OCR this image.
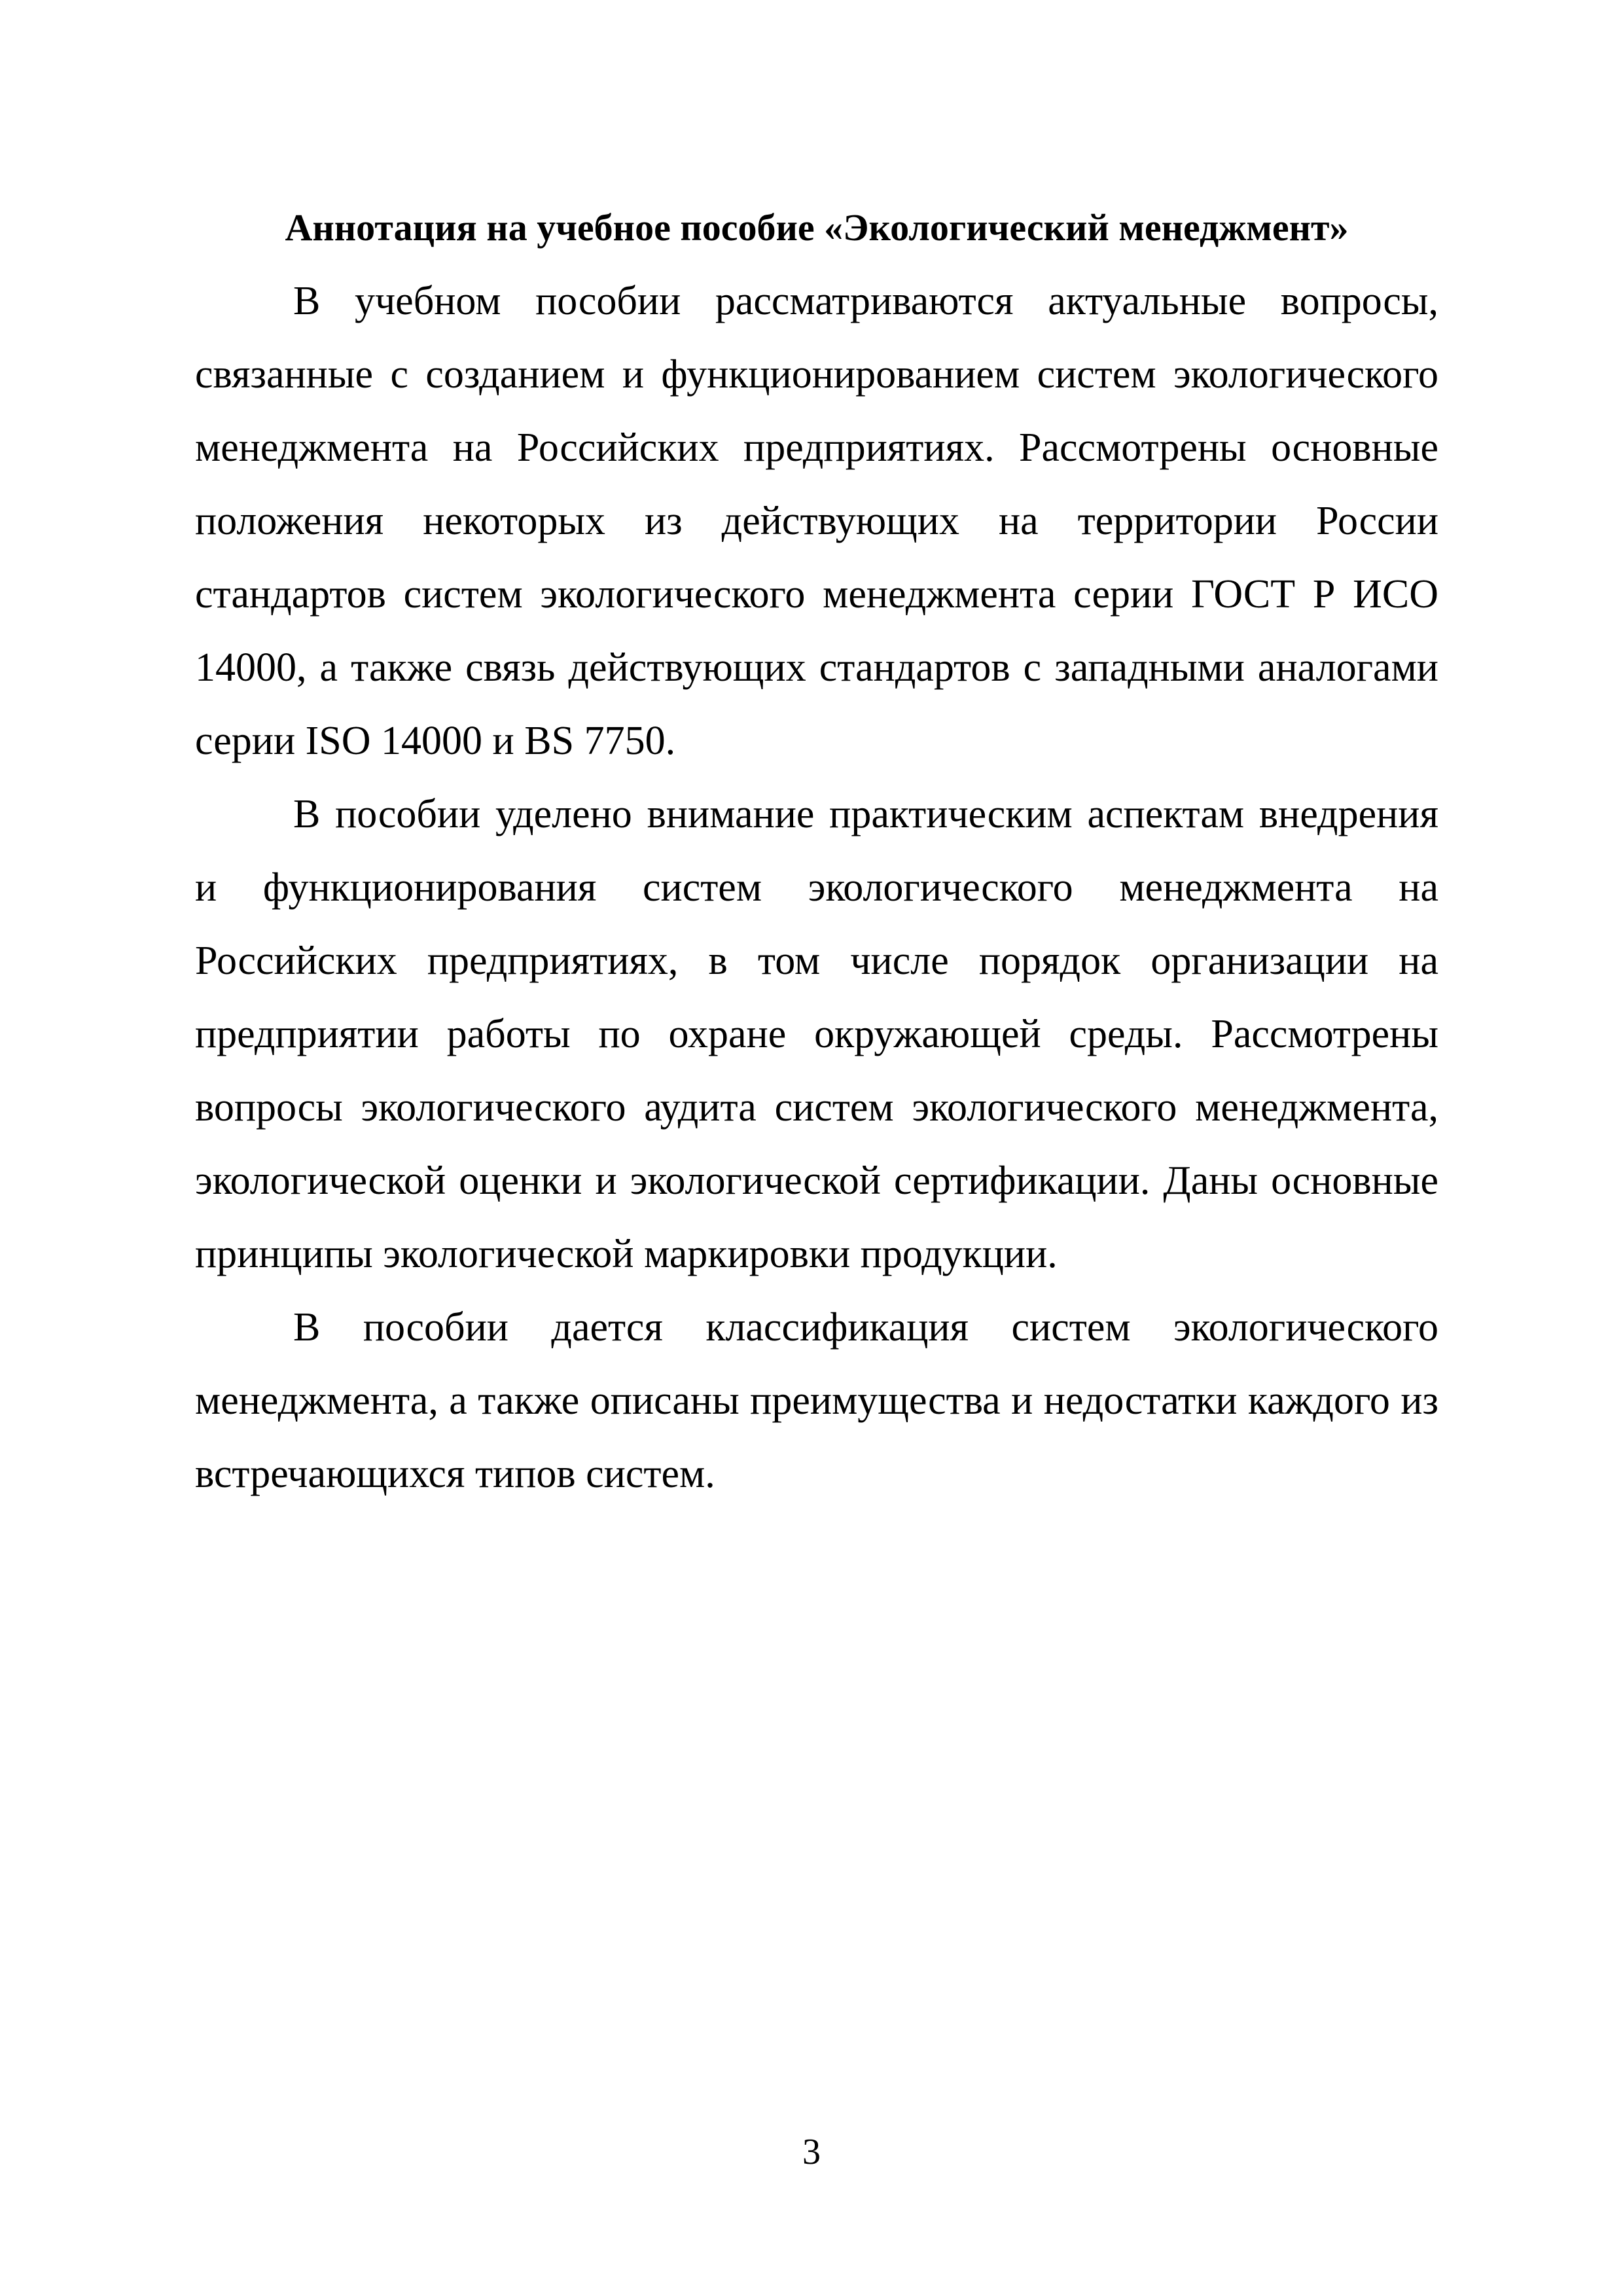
Аннотация на учебное пособие «Экологический менеджмент»

В учебном пособии рассматриваются актуальные вопросы, связанные с созданием и функционированием систем экологического менеджмента на Российских предприятиях. Рассмотрены основные положения некоторых из действующих на территории России стандартов систем экологического менеджмента серии ГОСТ Р ИСО 14000, а также связь действующих стандартов с западными аналогами серии ISO 14000 и BS 7750.

В пособии уделено внимание практическим аспектам внедрения и функционирования систем экологического менеджмента на Российских предприятиях, в том числе порядок организации на предприятии работы по охране окружающей среды. Рассмотрены вопросы экологического аудита систем экологического менеджмента, экологической оценки и экологической сертификации. Даны основные принципы экологической маркировки продукции.

В пособии дается классификация систем экологического менеджмента, а также описаны преимущества и недостатки каждого из встречающихся типов систем.

3
